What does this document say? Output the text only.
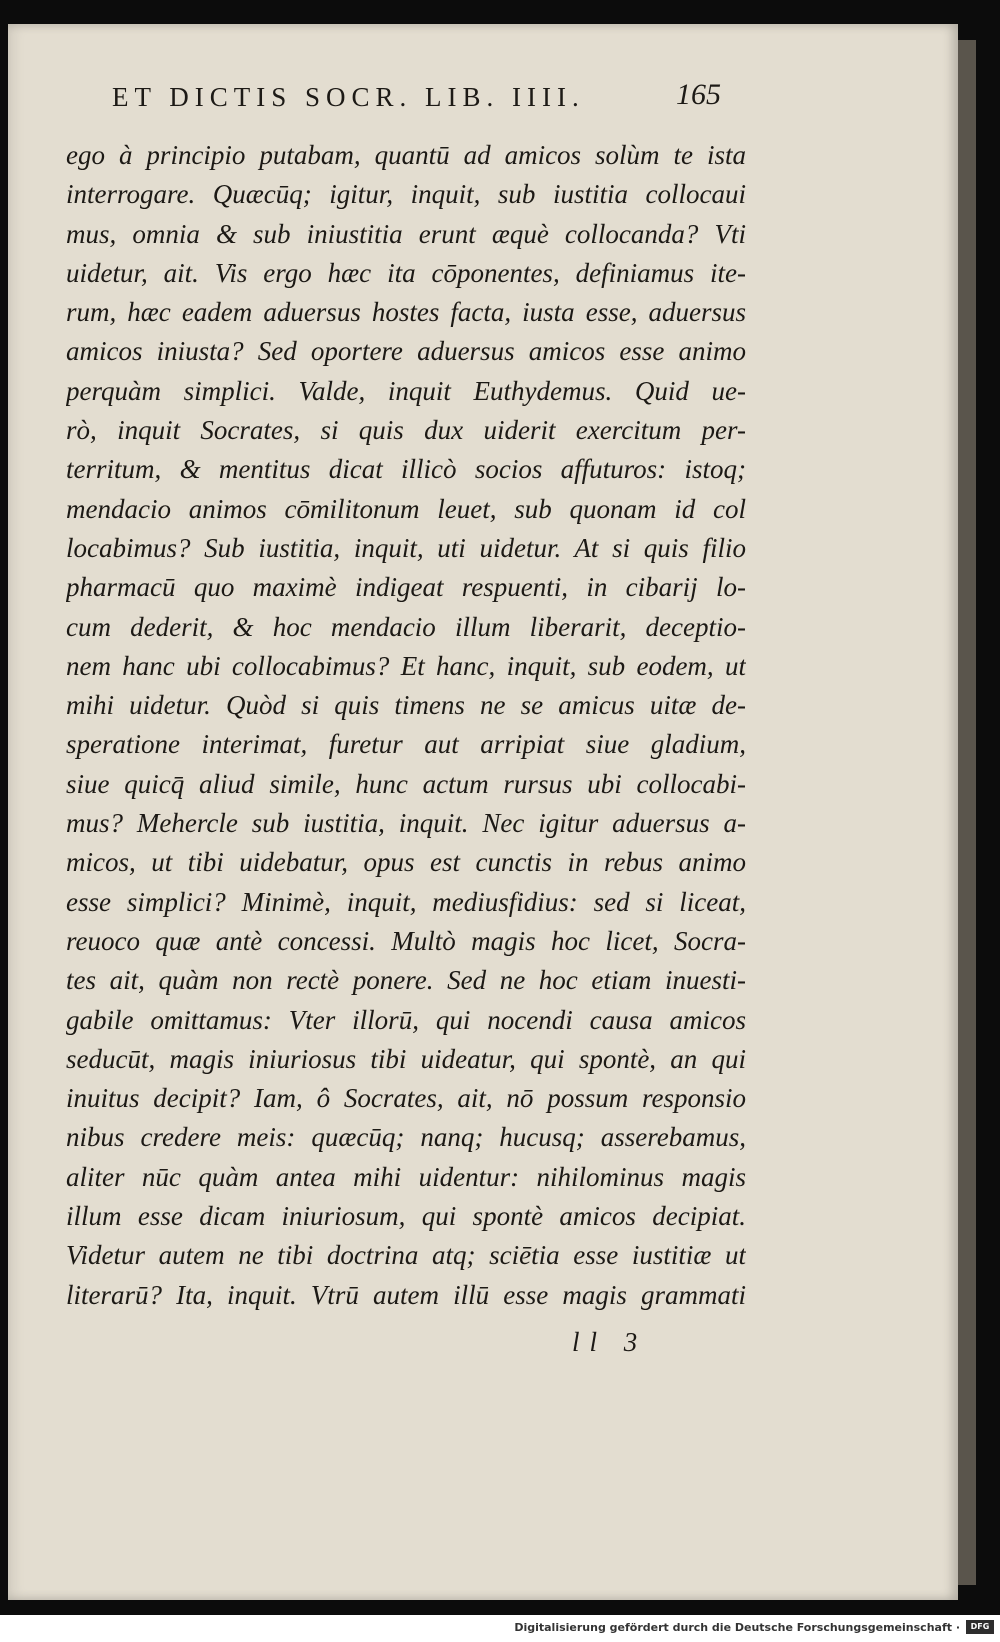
ET DICTIS SOCR. LIB. IIII.	165
ego à principio putabam, quantū ad amicos solùm te ista
interrogare. Quæcūq; igitur, inquit, sub iustitia collocaui
mus, omnia & sub iniustitia erunt æquè collocanda? Vti
uidetur, ait. Vis ergo hæc ita cōponentes, definiamus ite-
rum, hæc eadem aduersus hostes facta, iusta esse, aduersus
amicos iniusta? Sed oportere aduersus amicos esse animo
perquàm simplici. Valde, inquit Euthydemus. Quid ue-
rò, inquit Socrates, si quis dux uiderit exercitum per-
territum, & mentitus dicat illicò socios affuturos: istoq;
mendacio animos cōmilitonum leuet, sub quonam id col
locabimus? Sub iustitia, inquit, uti uidetur. At si quis filio
pharmacū quo maximè indigeat respuenti, in cibarij lo-
cum dederit, & hoc mendacio illum liberarit, deceptio-
nem hanc ubi collocabimus? Et hanc, inquit, sub eodem, ut
mihi uidetur. Quòd si quis timens ne se amicus uitæ de-
speratione interimat, furetur aut arripiat siue gladium,
siue quicq̄ aliud simile, hunc actum rursus ubi collocabi-
mus? Mehercle sub iustitia, inquit. Nec igitur aduersus a-
micos, ut tibi uidebatur, opus est cunctis in rebus animo
esse simplici? Minimè, inquit, mediusfidius: sed si liceat,
reuoco quæ antè concessi. Multò magis hoc licet, Socra-
tes ait, quàm non rectè ponere. Sed ne hoc etiam inuesti-
gabile omittamus: Vter illorū, qui nocendi causa amicos
seducūt, magis iniuriosus tibi uideatur, qui spontè, an qui
inuitus decipit? Iam, ô Socrates, ait, nō possum responsio
nibus credere meis: quæcūq; nanq; hucusq; asserebamus,
aliter nūc quàm antea mihi uidentur: nihilominus magis
illum esse dicam iniuriosum, qui spontè amicos decipiat.
Videtur autem ne tibi doctrina atq; sciētia esse iustitiæ ut
literarū? Ita, inquit. Vtrū autem illū esse magis grammati
ll 3
Digitalisierung gefördert durch die Deutsche Forschungsgemeinschaft ·	DFG
